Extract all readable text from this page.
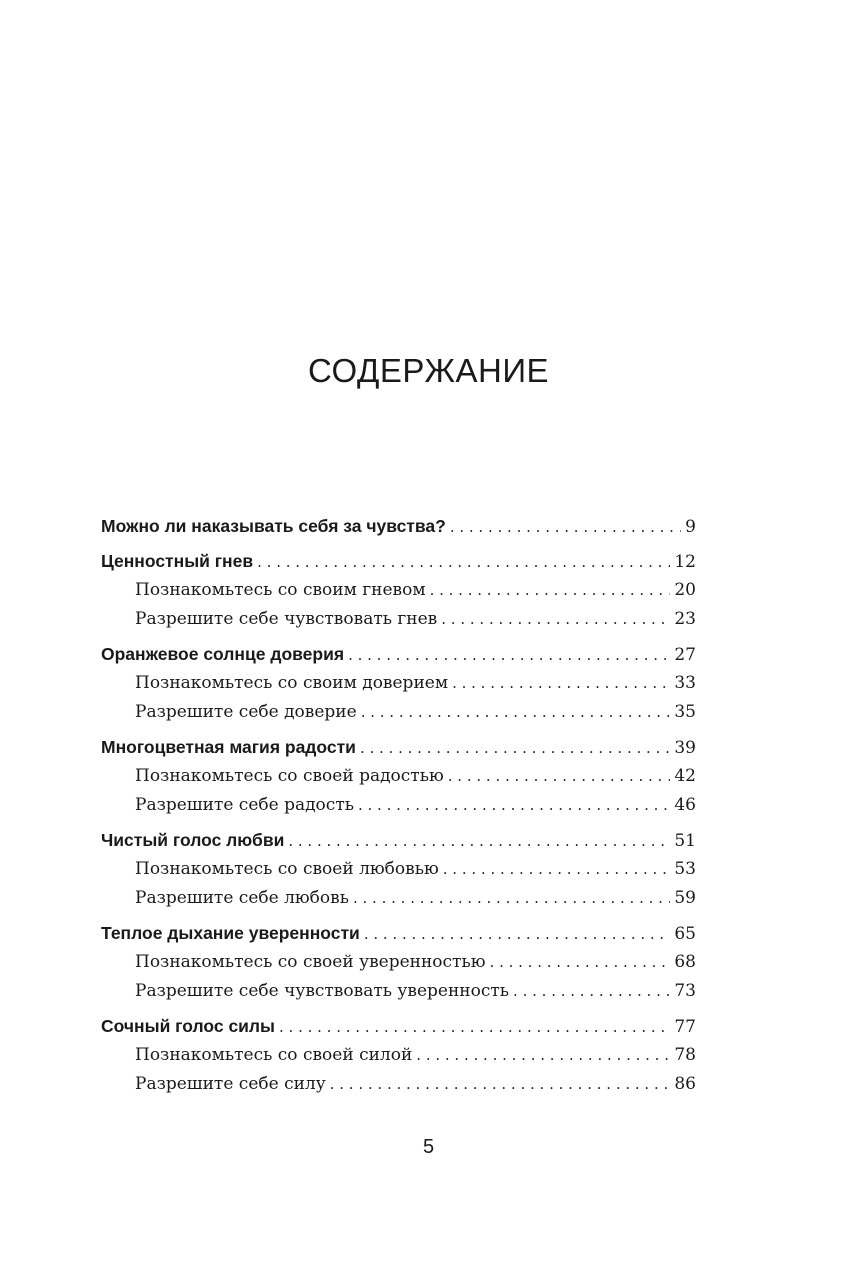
СОДЕРЖАНИЕ
Можно ли наказывать себя за чувства? . . .	9
Ценностный гнев . . .	12
Познакомьтесь со своим гневом . . .	20
Разрешите себе чувствовать гнев . . .	23
Оранжевое солнце доверия . . .	27
Познакомьтесь со своим доверием . . .	33
Разрешите себе доверие . . .	35
Многоцветная магия радости . . .	39
Познакомьтесь со своей радостью . . .	42
Разрешите себе радость . . .	46
Чистый голос любви . . .	51
Познакомьтесь со своей любовью . . .	53
Разрешите себе любовь . . .	59
Теплое дыхание уверенности . . .	65
Познакомьтесь со своей уверенностью . . .	68
Разрешите себе чувствовать уверенность . . .	73
Сочный голос силы . . .	77
Познакомьтесь со своей силой . . .	78
Разрешите себе силу . . .	86
5
